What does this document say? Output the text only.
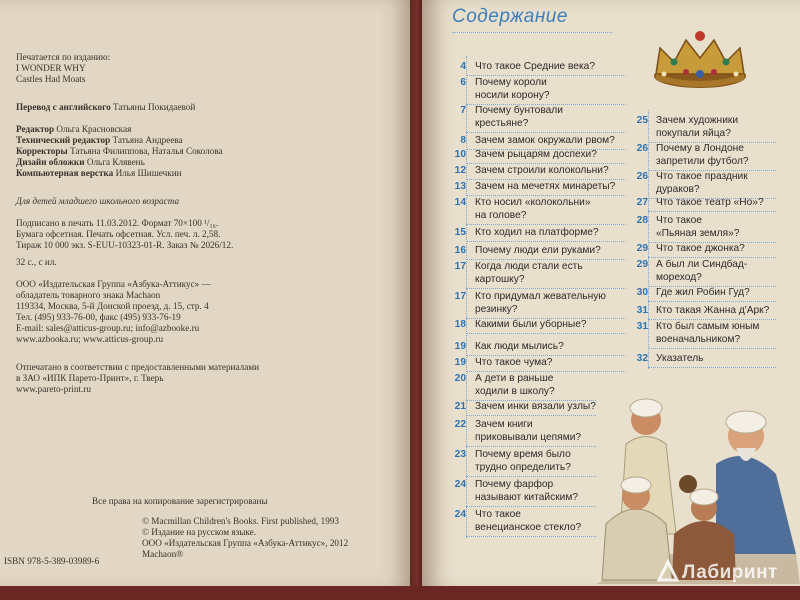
Печатается по изданию:

I WONDER WHY

Castles Had Moats

Перевод с английского Татьяны Покидаевой

Редактор Ольга Красновская

Технический редактор Татьяна Андреева

Корректоры Татьяна Филиппова, Наталья Соколова

Дизайн обложки Ольга Клявень

Компьютерная верстка Илья Шишечкин

Для детей младшего школьного возраста

Подписано в печать 11.03.2012. Формат 70×100 ¹/₁₆.

Бумага офсетная. Печать офсетная. Усл. печ. л. 2,58.

Тираж 10 000 экз. S-EUU-10323-01-R. Заказ № 2026/12.

32 с., с ил.

ООО «Издательская Группа «Азбука-Аттикус» —

обладатель товарного знака Machaon

119334, Москва, 5-й Донской проезд, д. 15, стр. 4

Тел. (495) 933-76-00, факс (495) 933-76-19

E-mail: sales@atticus-group.ru; info@azbooke.ru

www.azbooka.ru; www.atticus-group.ru

Отпечатано в соответствии с предоставленными материалами

в ЗАО «ИПК Парето-Принт», г. Тверь

www.pareto-print.ru

Все права на копирование зарегистрированы
© Macmillan Children's Books. First published, 1993
© Издание на русском языке.
ООО «Издательская Группа «Азбука-Аттикус», 2012
Machaon®
ISBN 978-5-389-03989-6
Содержание
4 Что такое Средние века?
6 Почему короли
носили корону?
7 Почему бунтовали
крестьяне?
8 Зачем замок окружали рвом?
10 Зачем рыцарям доспехи?
12 Зачем строили колокольни?
13 Зачем на мечетях минареты?
14 Кто носил «колокольни»
на голове?
15 Кто ходил на платформе?
16 Почему люди ели руками?
17 Когда люди стали есть
картошку?
17 Кто придумал жевательную
резинку?
18 Какими были уборные?
19 Как люди мылись?
19 Что такое чума?
20 А дети в раньше
ходили в школу?
21 Зачем инки вязали узлы?
22 Зачем книги
приковывали цепями?
23 Почему время было
трудно определить?
24 Почему фарфор
называют китайским?
24 Что такое
венецианское стекло?
25 Зачем художники
покупали яйца?
26 Почему в Лондоне
запретили футбол?
26 Что такое праздник
дураков?
27 Что такое театр «Но»?
28 Что такое
«Пьяная земля»?
29 Что такое джонка?
29 А был ли Синдбад-
мореход?
30 Где жил Робин Гуд?
31 Кто такая Жанна д'Арк?
31 Кто был самым юным
военачальником?
32 Указатель
Лабиринт
